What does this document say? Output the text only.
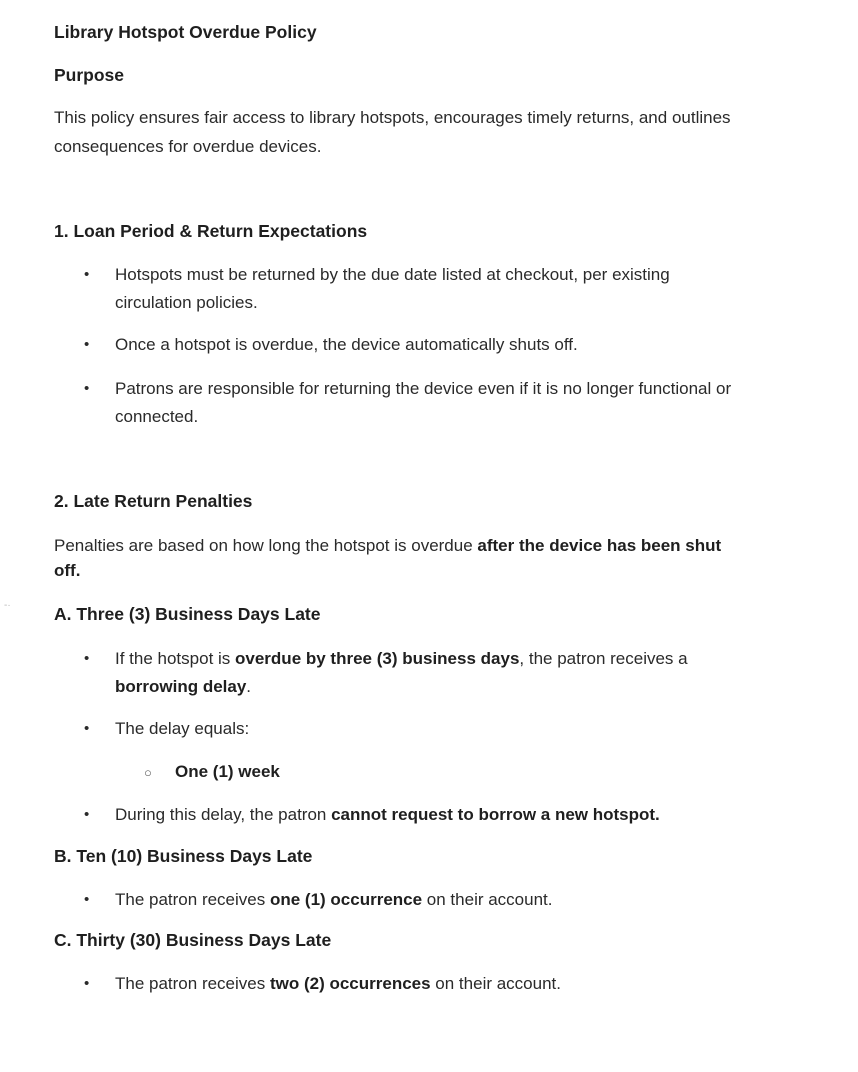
Library Hotspot Overdue Policy
Purpose
This policy ensures fair access to library hotspots, encourages timely returns, and outlines
consequences for overdue devices.
1. Loan Period & Return Expectations
• Hotspots must be returned by the due date listed at checkout, per existing
circulation policies.
• Once a hotspot is overdue, the device automatically shuts off.
• Patrons are responsible for returning the device even if it is no longer functional or
connected.
2. Late Return Penalties
Penalties are based on how long the hotspot is overdue after the device has been shut
off.
-·	A. Three (3) Business Days Late
• If the hotspot is overdue by three (3) business days, the patron receives a
borrowing delay.
• The delay equals:
○ One (1) week
• During this delay, the patron cannot request to borrow a new hotspot.
B. Ten (10) Business Days Late
• The patron receives one (1) occurrence on their account.
C. Thirty (30) Business Days Late
• The patron receives two (2) occurrences on their account.
